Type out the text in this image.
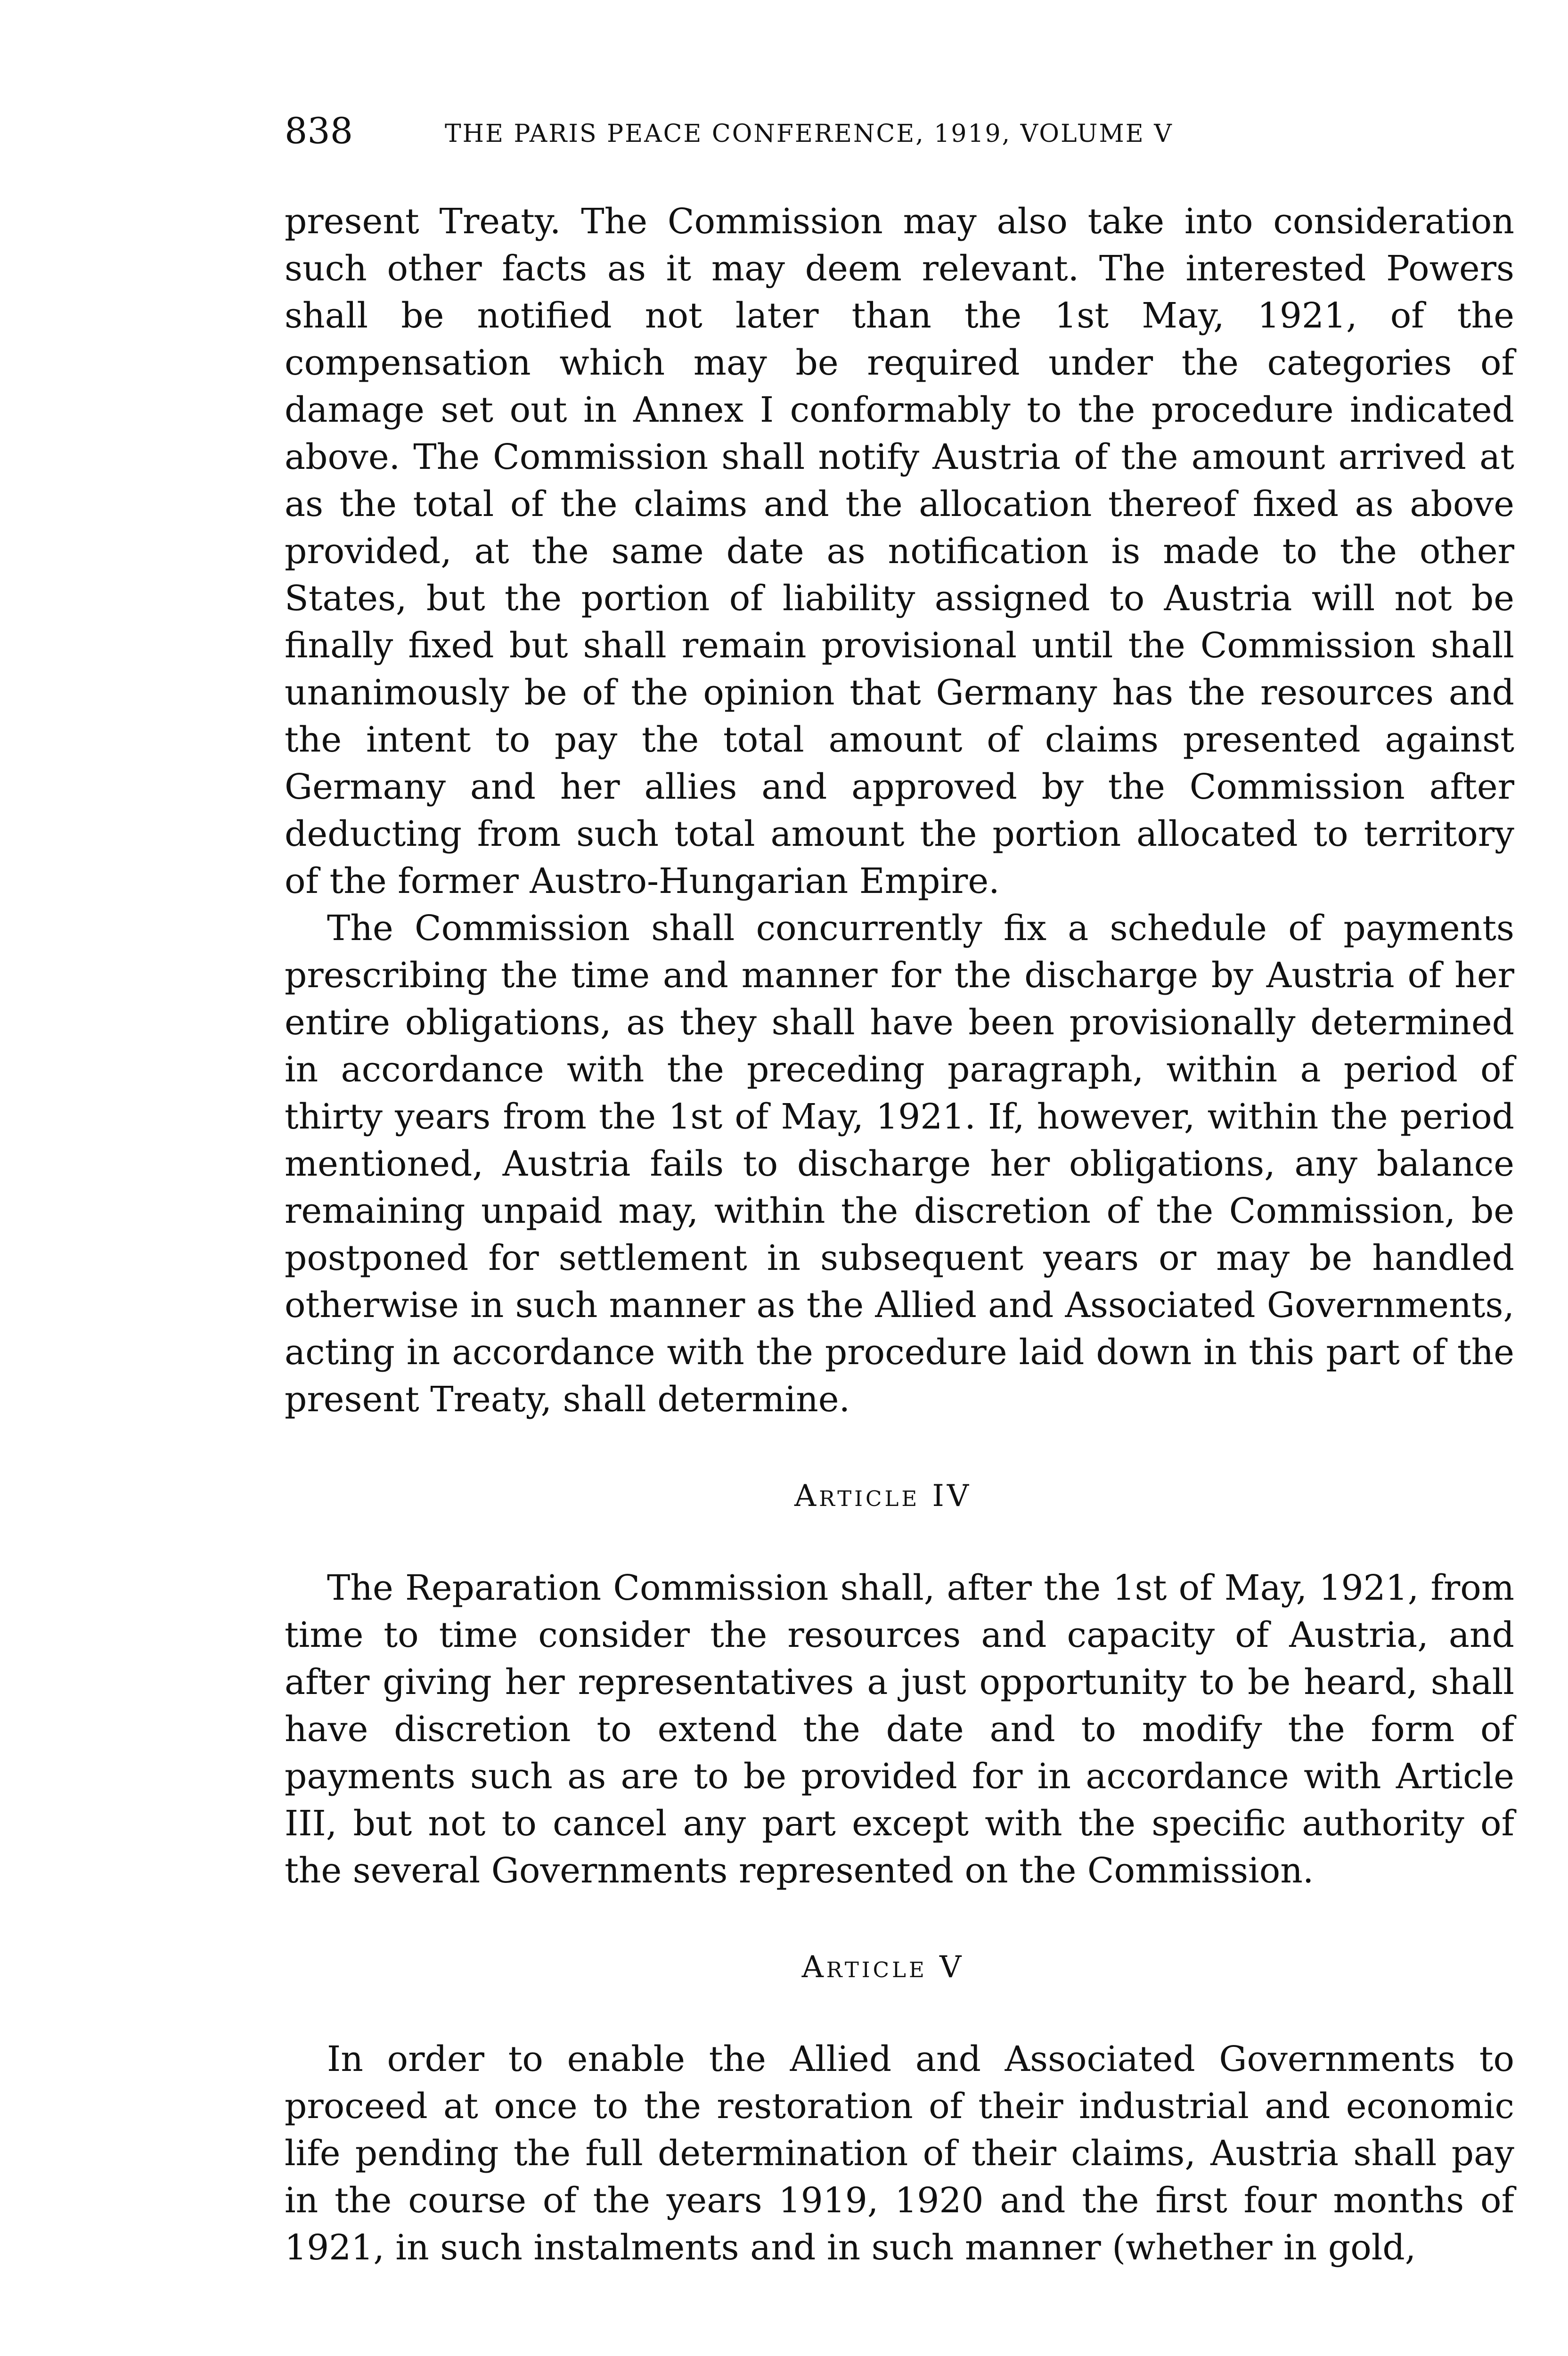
838	THE PARIS PEACE CONFERENCE, 1919, VOLUME V

present Treaty. The Commission may also take into consideration such other facts as it may deem relevant. The interested Powers shall be notified not later than the 1st May, 1921, of the compensation which may be required under the categories of damage set out in Annex I conformably to the procedure indicated above. The Commission shall notify Austria of the amount arrived at as the total of the claims and the allocation thereof fixed as above provided, at the same date as notification is made to the other States, but the portion of liability assigned to Austria will not be finally fixed but shall remain provisional until the Commission shall unanimously be of the opinion that Germany has the resources and the intent to pay the total amount of claims presented against Germany and her allies and approved by the Commission after deducting from such total amount the portion allocated to territory of the former Austro-Hungarian Empire.

The Commission shall concurrently fix a schedule of payments prescribing the time and manner for the discharge by Austria of her entire obligations, as they shall have been provisionally determined in accordance with the preceding paragraph, within a period of thirty years from the 1st of May, 1921. If, however, within the period mentioned, Austria fails to discharge her obligations, any balance remaining unpaid may, within the discretion of the Commission, be postponed for settlement in subsequent years or may be handled otherwise in such manner as the Allied and Associated Governments, acting in accordance with the procedure laid down in this part of the present Treaty, shall determine.

Article IV

The Reparation Commission shall, after the 1st of May, 1921, from time to time consider the resources and capacity of Austria, and after giving her representatives a just opportunity to be heard, shall have discretion to extend the date and to modify the form of payments such as are to be provided for in accordance with Article III, but not to cancel any part except with the specific authority of the several Governments represented on the Commission.

Article V

In order to enable the Allied and Associated Governments to proceed at once to the restoration of their industrial and economic life pending the full determination of their claims, Austria shall pay in the course of the years 1919, 1920 and the first four months of 1921, in such instalments and in such manner (whether in gold,
